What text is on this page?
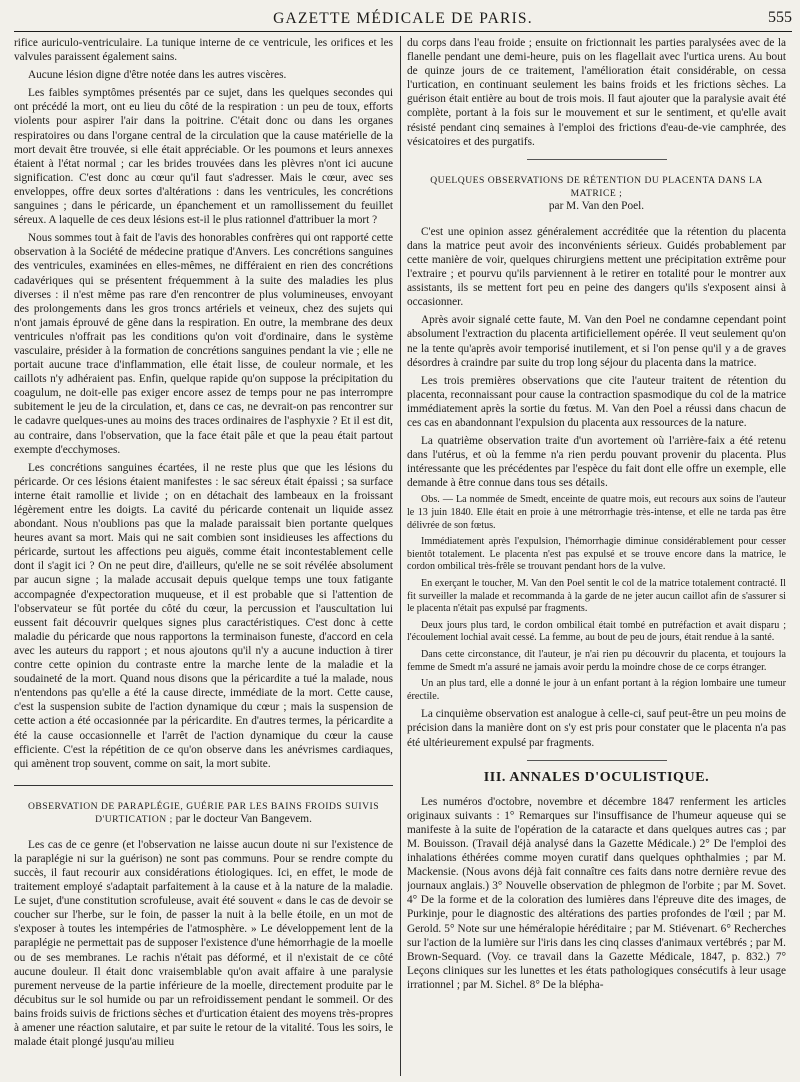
GAZETTE MÉDICALE DE PARIS.	555

rifice auriculo-ventriculaire. La tunique interne de ce ventricule, les orifices et les valvules paraissent également sains.

Aucune lésion digne d'être notée dans les autres viscères.

Les faibles symptômes présentés par ce sujet, dans les quelques secondes qui ont précédé la mort, ont eu lieu du côté de la respiration : un peu de toux, efforts violents pour aspirer l'air dans la poitrine. C'était donc ou dans les organes respiratoires ou dans l'organe central de la circulation que la cause matérielle de la mort devait être trouvée, si elle était appréciable. Or les poumons et leurs annexes étaient à l'état normal ; car les brides trouvées dans les plèvres n'ont ici aucune signification. C'est donc au cœur qu'il faut s'adresser. Mais le cœur, avec ses enveloppes, offre deux sortes d'altérations : dans les ventricules, les concrétions sanguines ; dans le péricarde, un épanchement et un ramollissement du feuillet séreux. A laquelle de ces deux lésions est-il le plus rationnel d'attribuer la mort ?

Nous sommes tout à fait de l'avis des honorables confrères qui ont rapporté cette observation à la Société de médecine pratique d'Anvers. Les concrétions sanguines des ventricules, examinées en elles-mêmes, ne différaient en rien des concrétions cadavériques qui se présentent fréquemment à la suite des maladies les plus diverses : il n'est même pas rare d'en rencontrer de plus volumineuses, envoyant des prolongements dans les gros troncs artériels et veineux, chez des sujets qui n'ont jamais éprouvé de gêne dans la respiration. En outre, la membrane des deux ventricules n'offrait pas les conditions qu'on voit d'ordinaire, dans le système vasculaire, présider à la formation de concrétions sanguines pendant la vie ; elle ne portait aucune trace d'inflammation, elle était lisse, de couleur normale, et les caillots n'y adhéraient pas. Enfin, quelque rapide qu'on suppose la précipitation du coagulum, ne doit-elle pas exiger encore assez de temps pour ne pas interrompre subitement le jeu de la circulation, et, dans ce cas, ne devrait-on pas rencontrer sur le cadavre quelques-unes au moins des traces ordinaires de l'asphyxie ? Et il est dit, au contraire, dans l'observation, que la face était pâle et que la peau était partout exempte d'ecchymoses.

Les concrétions sanguines écartées, il ne reste plus que que les lésions du péricarde. Or ces lésions étaient manifestes : le sac séreux était épaissi ; sa surface interne était ramollie et livide ; on en détachait des lambeaux en la froissant légèrement entre les doigts. La cavité du péricarde contenait un liquide assez abondant. Nous n'oublions pas que la malade paraissait bien portante quelques heures avant sa mort. Mais qui ne sait combien sont insidieuses les affections du péricarde, surtout les affections peu aiguës, comme était incontestablement celle dont il s'agit ici ? On ne peut dire, d'ailleurs, qu'elle ne se soit révélée absolument par aucun signe ; la malade accusait depuis quelque temps une toux fatigante accompagnée d'expectoration muqueuse, et il est probable que si l'attention de l'observateur se fût portée du côté du cœur, la percussion et l'auscultation lui eussent fait découvrir quelques signes plus caractéristiques. C'est donc à cette maladie du péricarde que nous rapportons la terminaison funeste, d'accord en cela avec les auteurs du rapport ; et nous ajoutons qu'il n'y a aucune induction à tirer contre cette opinion du contraste entre la marche lente de la maladie et la soudaineté de la mort. Quand nous disons que la péricardite a tué la malade, nous n'entendons pas qu'elle a été la cause directe, immédiate de la mort. Cette cause, c'est la suspension subite de l'action dynamique du cœur ; mais la suspension de cette action a été occasionnée par la péricardite. En d'autres termes, la péricardite a été la cause occasionnelle et l'arrêt de l'action dynamique du cœur la cause efficiente. C'est la répétition de ce qu'on observe dans les anévrismes cardiaques, qui amènent trop souvent, comme on sait, la mort subite.

OBSERVATION DE PARAPLÉGIE, GUÉRIE PAR LES BAINS FROIDS SUIVIS D'URTICATION ; par le docteur Van Bangevem.

Les cas de ce genre (et l'observation ne laisse aucun doute ni sur l'existence de la paraplégie ni sur la guérison) ne sont pas communs. Pour se rendre compte du succès, il faut recourir aux considérations étiologiques. Ici, en effet, le mode de traitement employé s'adaptait parfaitement à la cause et à la nature de la maladie. Le sujet, d'une constitution scrofuleuse, avait été souvent « dans le cas de devoir se coucher sur l'herbe, sur le foin, de passer la nuit à la belle étoile, en un mot de s'exposer à toutes les intempéries de l'atmosphère. » Le développement lent de la paraplégie ne permettait pas de supposer l'existence d'une hémorrhagie de la moelle ou de ses membranes. Le rachis n'était pas déformé, et il n'existait de ce côté aucune douleur. Il était donc vraisemblable qu'on avait affaire à une paralysie purement nerveuse de la partie inférieure de la moelle, directement produite par le décubitus sur le sol humide ou par un refroidissement pendant le sommeil. Or des bains froids suivis de frictions sèches et d'urtication étaient des moyens très-propres à amener une réaction salutaire, et par suite le retour de la vitalité. Tous les soirs, le malade était plongé jusqu'au milieu

du corps dans l'eau froide ; ensuite on frictionnait les parties paralysées avec de la flanelle pendant une demi-heure, puis on les flagellait avec l'urtica urens. Au bout de quinze jours de ce traitement, l'amélioration était considérable, on cessa l'urtication, en continuant seulement les bains froids et les frictions sèches. La guérison était entière au bout de trois mois. Il faut ajouter que la paralysie avait été complète, portant à la fois sur le mouvement et sur le sentiment, et qu'elle avait résisté pendant cinq semaines à l'emploi des frictions d'eau-de-vie camphrée, des vésicatoires et des purgatifs.

QUELQUES OBSERVATIONS DE RÉTENTION DU PLACENTA DANS LA MATRICE ;
par M. Van den Poel.

C'est une opinion assez généralement accréditée que la rétention du placenta dans la matrice peut avoir des inconvénients sérieux. Guidés probablement par cette manière de voir, quelques chirurgiens mettent une précipitation extrême pour l'extraire ; et pourvu qu'ils parviennent à le retirer en totalité pour le montrer aux assistants, ils se mettent fort peu en peine des dangers qu'ils s'exposent ainsi à occasionner.

Après avoir signalé cette faute, M. Van den Poel ne condamne cependant point absolument l'extraction du placenta artificiellement opérée. Il veut seulement qu'on ne la tente qu'après avoir temporisé inutilement, et si l'on pense qu'il y a de graves désordres à craindre par suite du trop long séjour du placenta dans la matrice.

Les trois premières observations que cite l'auteur traitent de rétention du placenta, reconnaissant pour cause la contraction spasmodique du col de la matrice immédiatement après la sortie du fœtus. M. Van den Poel a réussi dans chacun de ces cas en abandonnant l'expulsion du placenta aux ressources de la nature.

La quatrième observation traite d'un avortement où l'arrière-faix a été retenu dans l'utérus, et où la femme n'a rien perdu pouvant provenir du placenta. Plus intéressante que les précédentes par l'espèce du fait dont elle offre un exemple, elle demande à être connue dans tous ses détails.

Obs. — La nommée de Smedt, enceinte de quatre mois, eut recours aux soins de l'auteur le 13 juin 1840. Elle était en proie à une métrorrhagie très-intense, et elle ne tarda pas être délivrée de son fœtus.

Immédiatement après l'expulsion, l'hémorrhagie diminue considérablement pour cesser bientôt totalement. Le placenta n'est pas expulsé et se trouve encore dans la matrice, le cordon ombilical très-frêle se trouvant pendant hors de la vulve.

En exerçant le toucher, M. Van den Poel sentit le col de la matrice totalement contracté. Il fit surveiller la malade et recommanda à la garde de ne jeter aucun caillot afin de s'assurer si le placenta n'était pas expulsé par fragments.

Deux jours plus tard, le cordon ombilical était tombé en putréfaction et avait disparu ; l'écoulement lochial avait cessé. La femme, au bout de peu de jours, était rendue à la santé.

Dans cette circonstance, dit l'auteur, je n'ai rien pu découvrir du placenta, et toujours la femme de Smedt m'a assuré ne jamais avoir perdu la moindre chose de ce corps étranger.

Un an plus tard, elle a donné le jour à un enfant portant à la région lombaire une tumeur érectile.

La cinquième observation est analogue à celle-ci, sauf peut-être un peu moins de précision dans la manière dont on s'y est pris pour constater que le placenta n'a pas été ultérieurement expulsé par fragments.

III. ANNALES D'OCULISTIQUE.

Les numéros d'octobre, novembre et décembre 1847 renferment les articles originaux suivants : 1° Remarques sur l'insuffisance de l'humeur aqueuse qui se manifeste à la suite de l'opération de la cataracte et dans quelques autres cas ; par M. Bouisson. (Travail déjà analysé dans la Gazette Médicale.) 2° De l'emploi des inhalations éthérées comme moyen curatif dans quelques ophthalmies ; par M. Mackensie. (Nous avons déjà fait connaître ces faits dans notre dernière revue des journaux anglais.) 3° Nouvelle observation de phlegmon de l'orbite ; par M. Sovet. 4° De la forme et de la coloration des lumières dans l'épreuve dite des images, de Purkinje, pour le diagnostic des altérations des parties profondes de l'œil ; par M. Gerold. 5° Note sur une héméralopie héréditaire ; par M. Stiévenart. 6° Recherches sur l'action de la lumière sur l'iris dans les cinq classes d'animaux vertébrés ; par M. Brown-Sequard. (Voy. ce travail dans la Gazette Médicale, 1847, p. 832.) 7° Leçons cliniques sur les lunettes et les états pathologiques consécutifs à leur usage irrationnel ; par M. Sichel. 8° De la blépha-
